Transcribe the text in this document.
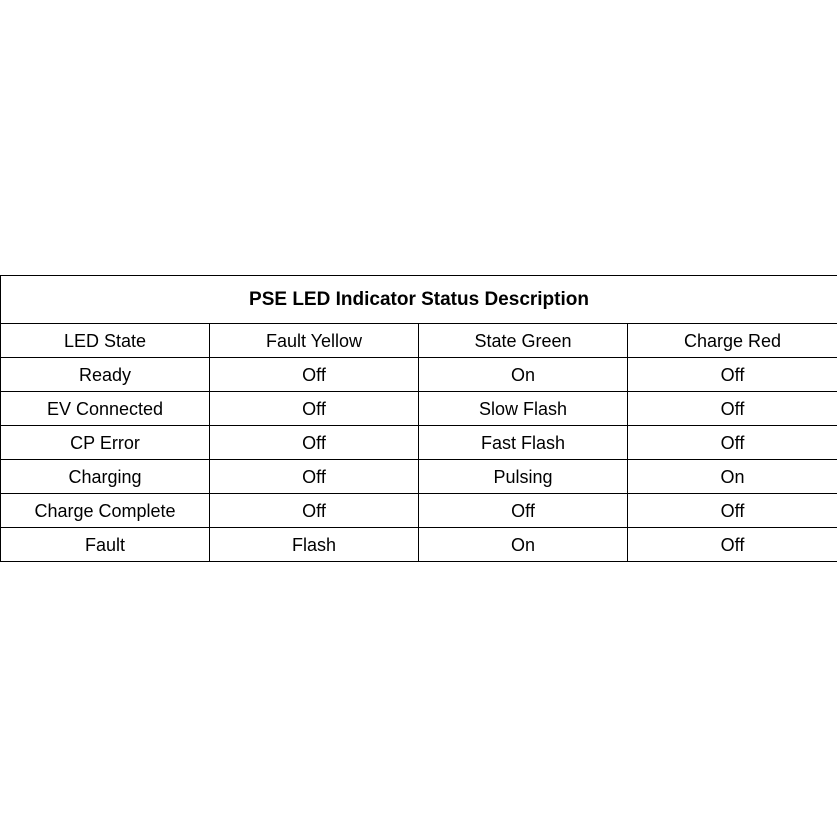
PSE LED Indicator Status Description			
LED State	Fault Yellow	State Green	Charge Red
Ready	Off	On	Off
EV Connected	Off	Slow Flash	Off
CP Error	Off	Fast Flash	Off
Charging	Off	Pulsing	On
Charge Complete	Off	Off	Off
Fault	Flash	On	Off
